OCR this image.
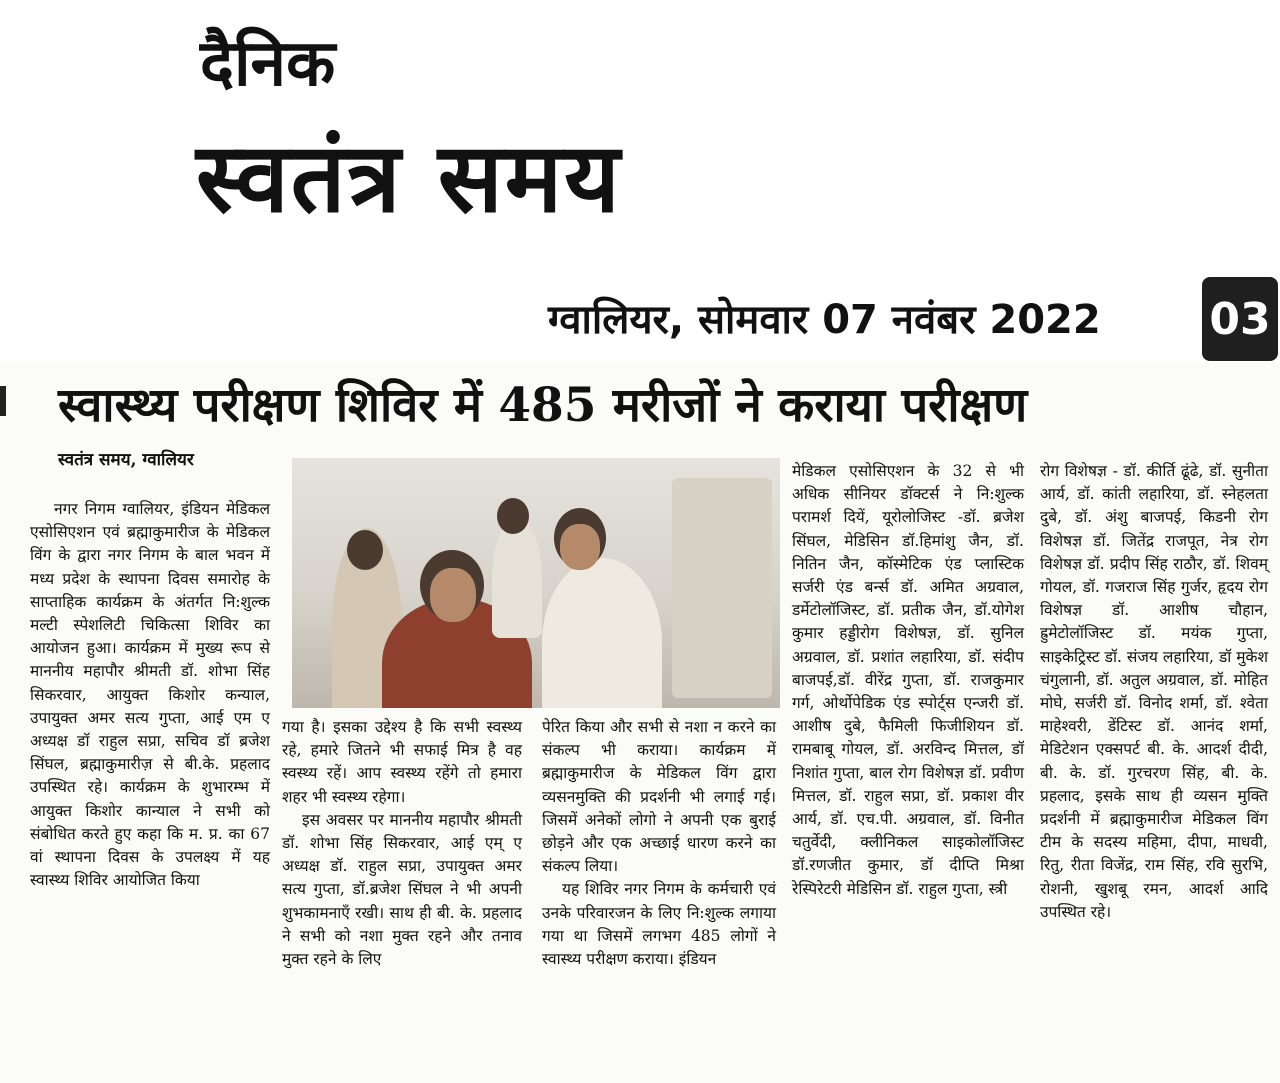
दैनिक
स्वतंत्र समय
ग्वालियर, सोमवार 07 नवंबर 2022 03
स्वास्थ्य परीक्षण शिविर में 485 मरीजों ने कराया परीक्षण
स्वतंत्र समय, ग्वालियर

नगर निगम ग्वालियर, इंडियन मेडिकल एसोसिएशन एवं ब्रह्माकुमारीज के मेडिकल विंग के द्वारा नगर निगम के बाल भवन में मध्य प्रदेश के स्थापना दिवस समारोह के साप्ताहिक कार्यक्रम के अंतर्गत नि:शुल्क मल्टी स्पेशलिटी चिकित्सा शिविर का आयोजन हुआ। कार्यक्रम में मुख्य रूप से माननीय महापौर श्रीमती डॉ. शोभा सिंह सिकरवार, आयुक्त किशोर कन्याल, उपायुक्त अमर सत्य गुप्ता, आई एम ए अध्यक्ष डॉ राहुल सप्रा, सचिव डॉ ब्रजेश सिंघल, ब्रह्माकुमारीज़ से बी.के. प्रहलाद उपस्थित रहे। कार्यक्रम के शुभारम्भ में आयुक्त किशोर कान्याल ने सभी को संबोधित करते हुए कहा कि म. प्र. का 67 वां स्थापना दिवस के उपलक्ष्य में यह स्वास्थ्य शिविर आयोजित किया

गया है। इसका उद्देश्य है कि सभी स्वस्थ्य रहे, हमारे जितने भी सफाई मित्र है वह स्वस्थ्य रहें। आप स्वस्थ्य रहेंगे तो हमारा शहर भी स्वस्थ्य रहेगा।

इस अवसर पर माननीय महापौर श्रीमती डॉ. शोभा सिंह सिकरवार, आई एम् ए अध्यक्ष डॉ. राहुल सप्रा, उपायुक्त अमर सत्य गुप्ता, डॉ.ब्रजेश सिंघल ने भी अपनी शुभकामनाएँ रखी। साथ ही बी. के. प्रहलाद ने सभी को नशा मुक्त रहने और तनाव मुक्त रहने के लिए

पेरित किया और सभी से नशा न करने का संकल्प भी कराया। कार्यक्रम में ब्रह्माकुमारीज के मेडिकल विंग द्वारा व्यसनमुक्ति की प्रदर्शनी भी लगाई गई। जिसमें अनेकों लोगो ने अपनी एक बुराई छोड़ने और एक अच्छाई धारण करने का संकल्प लिया।

यह शिविर नगर निगम के कर्मचारी एवं उनके परिवारजन के लिए नि:शुल्क लगाया गया था जिसमें लगभग 485 लोगों ने स्वास्थ्य परीक्षण कराया। इंडियन

मेडिकल एसोसिएशन के 32 से भी अधिक सीनियर डॉक्टर्स ने नि:शुल्क परामर्श दियें, यूरोलोजिस्ट -डॉ. ब्रजेश सिंघल, मेडिसिन डॉ.हिमांशु जैन, डॉ. नितिन जैन, कॉस्मेटिक एंड प्लास्टिक सर्जरी एंड बर्न्स डॉ. अमित अग्रवाल, डर्मेटोलॉजिस्ट, डॉ. प्रतीक जैन, डॉ.योगेश कुमार हड्डीरोग विशेषज्ञ, डॉ. सुनिल अग्रवाल, डॉ. प्रशांत लहारिया, डॉ. संदीप बाजपई,डॉ. वीरेंद्र गुप्ता, डॉ. राजकुमार गर्ग, ओर्थोपेडिक एंड स्पोर्ट्स एन्जरी डॉ. आशीष दुबे, फैमिली फिजीशियन डॉ. रामबाबू गोयल, डॉ. अरविन्द मित्तल, डॉ निशांत गुप्ता, बाल रोग विशेषज्ञ डॉ. प्रवीण मित्तल, डॉ. राहुल सप्रा, डॉ. प्रकाश वीर आर्य, डॉ. एच.पी. अग्रवाल, डॉ. विनीत चतुर्वेदी, क्लीनिकल साइकोलॉजिस्ट डॉ.रणजीत कुमार, डॉ दीप्ति मिश्रा रेस्पिरेटरी मेडिसिन डॉ. राहुल गुप्ता, स्त्री

रोग विशेषज्ञ - डॉ. कीर्ति ढूंढे, डॉ. सुनीता आर्य, डॉ. कांती लहारिया, डॉ. स्नेहलता दुबे, डॉ. अंशु बाजपई, किडनी रोग विशेषज्ञ डॉ. जितेंद्र राजपूत, नेत्र रोग विशेषज्ञ डॉ. प्रदीप सिंह राठौर, डॉ. शिवम् गोयल, डॉ. गजराज सिंह गुर्जर, हृदय रोग विशेषज्ञ डॉ. आशीष चौहान, ह्रुमेटोलॉजिस्ट डॉ. मयंक गुप्ता, साइकेट्रिस्ट डॉ. संजय लहारिया, डॉ मुकेश चंगुलानी, डॉ. अतुल अग्रवाल, डॉ. मोहित मोघे, सर्जरी डॉ. विनोद शर्मा, डॉ. श्वेता माहेश्वरी, डेंटिस्ट डॉ. आनंद शर्मा, मेडिटेशन एक्सपर्ट बी. के. आदर्श दीदी, बी. के. डॉ. गुरचरण सिंह, बी. के. प्रहलाद, इसके साथ ही व्यसन मुक्ति प्रदर्शनी में ब्रह्माकुमारीज मेडिकल विंग टीम के सदस्य महिमा, दीपा, माधवी, रितु, रीता विजेंद्र, राम सिंह, रवि सुरभि, रोशनी, खुशबू रमन, आदर्श आदि उपस्थित रहे।
